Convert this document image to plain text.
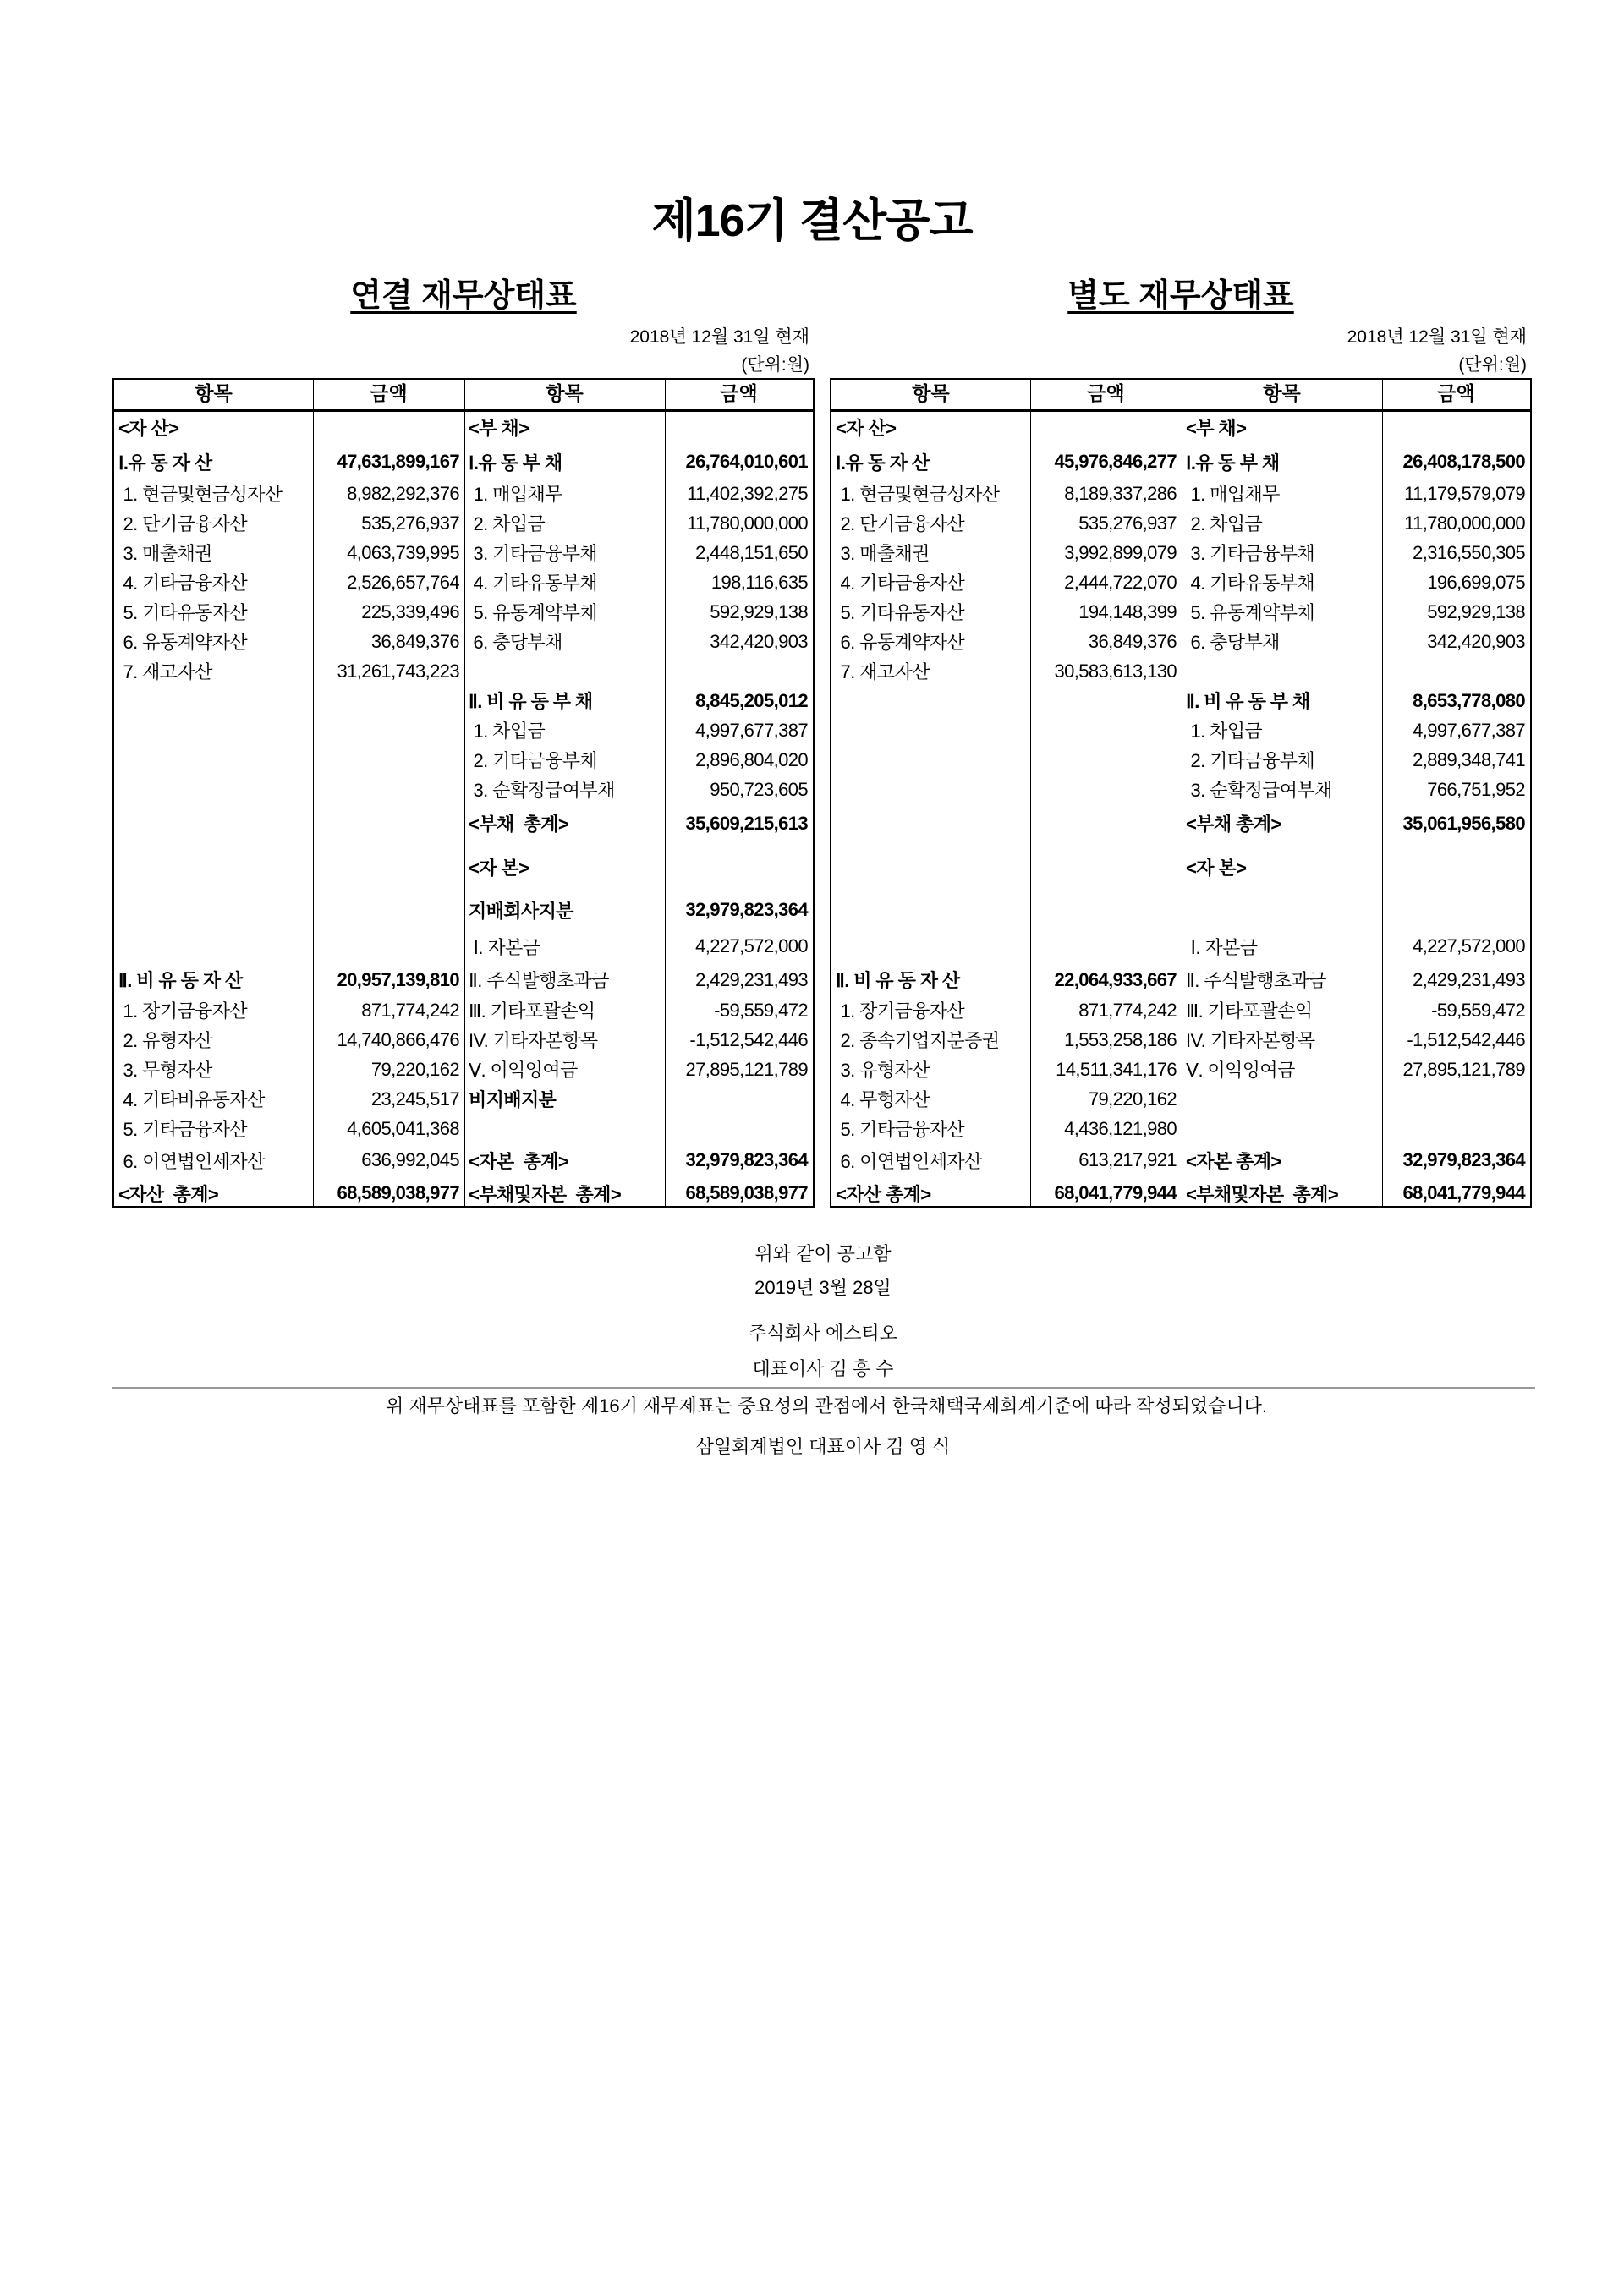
제16기 결산공고
연결 재무상태표
2018년 12월 31일 현재
(단위:원)
항목	금액	항목	금액
<자 산>	<부 채>
Ⅰ.유 동 자 산	47,631,899,167 Ⅰ.유 동 부 채	26,764,010,601
1. 현금및현금성자산	8,982,292,376 1. 매입채무	11,402,392,275
2. 단기금융자산	535,276,937 2. 차입금	11,780,000,000
3. 매출채권	4,063,739,995 3. 기타금융부채	2,448,151,650
4. 기타금융자산	2,526,657,764 4. 기타유동부채	198,116,635
5. 기타유동자산	225,339,496 5. 유동계약부채	592,929,138
6. 유동계약자산	36,849,376 6. 충당부채	342,420,903
7. 재고자산	31,261,743,223
Ⅱ. 비 유 동 부 채	8,845,205,012
1. 차입금	4,997,677,387
2. 기타금융부채	2,896,804,020
3. 순확정급여부채	950,723,605
<부채  총계>	35,609,215,613
<자 본>
지배회사지분	32,979,823,364
Ⅰ. 자본금	4,227,572,000
Ⅱ. 비 유 동 자 산	20,957,139,810 Ⅱ. 주식발행초과금	2,429,231,493
1. 장기금융자산	871,774,242 Ⅲ. 기타포괄손익	-59,559,472
2. 유형자산	14,740,866,476 IV. 기타자본항목	-1,512,542,446
3. 무형자산	79,220,162 Ⅴ. 이익잉여금	27,895,121,789
4. 기타비유동자산	23,245,517 비지배지분
5. 기타금융자산	4,605,041,368
6. 이연법인세자산	636,992,045 <자본  총계>	32,979,823,364
<자산  총계>	68,589,038,977 <부채및자본  총계>	68,589,038,977
별도 재무상태표
2018년 12월 31일 현재
(단위:원)
항목	금액	항목	금액
<자 산>	<부 채>
Ⅰ.유 동 자 산	45,976,846,277 Ⅰ.유 동 부 채	26,408,178,500
1. 현금및현금성자산	8,189,337,286 1. 매입채무	11,179,579,079
2. 단기금융자산	535,276,937 2. 차입금	11,780,000,000
3. 매출채권	3,992,899,079 3. 기타금융부채	2,316,550,305
4. 기타금융자산	2,444,722,070 4. 기타유동부채	196,699,075
5. 기타유동자산	194,148,399 5. 유동계약부채	592,929,138
6. 유동계약자산	36,849,376 6. 충당부채	342,420,903
7. 재고자산	30,583,613,130
Ⅱ. 비 유 동 부 채	8,653,778,080
1. 차입금	4,997,677,387
2. 기타금융부채	2,889,348,741
3. 순확정급여부채	766,751,952
<부채 총계>	35,061,956,580
<자 본>
Ⅰ. 자본금	4,227,572,000
Ⅱ. 비 유 동 자 산	22,064,933,667 Ⅱ. 주식발행초과금	2,429,231,493
1. 장기금융자산	871,774,242 Ⅲ. 기타포괄손익	-59,559,472
2. 종속기업지분증권	1,553,258,186 IV. 기타자본항목	-1,512,542,446
3. 유형자산	14,511,341,176 Ⅴ. 이익잉여금	27,895,121,789
4. 무형자산	79,220,162
5. 기타금융자산	4,436,121,980
6. 이연법인세자산	613,217,921 <자본 총계>	32,979,823,364
<자산 총계>	68,041,779,944 <부채및자본  총계>	68,041,779,944
위와 같이 공고함
2019년 3월 28일
주식회사 에스티오
대표이사 김 흥 수
위 재무상태표를 포함한 제16기 재무제표는 중요성의 관점에서 한국채택국제회계기준에 따라 작성되었습니다.
삼일회계법인 대표이사 김 영 식
